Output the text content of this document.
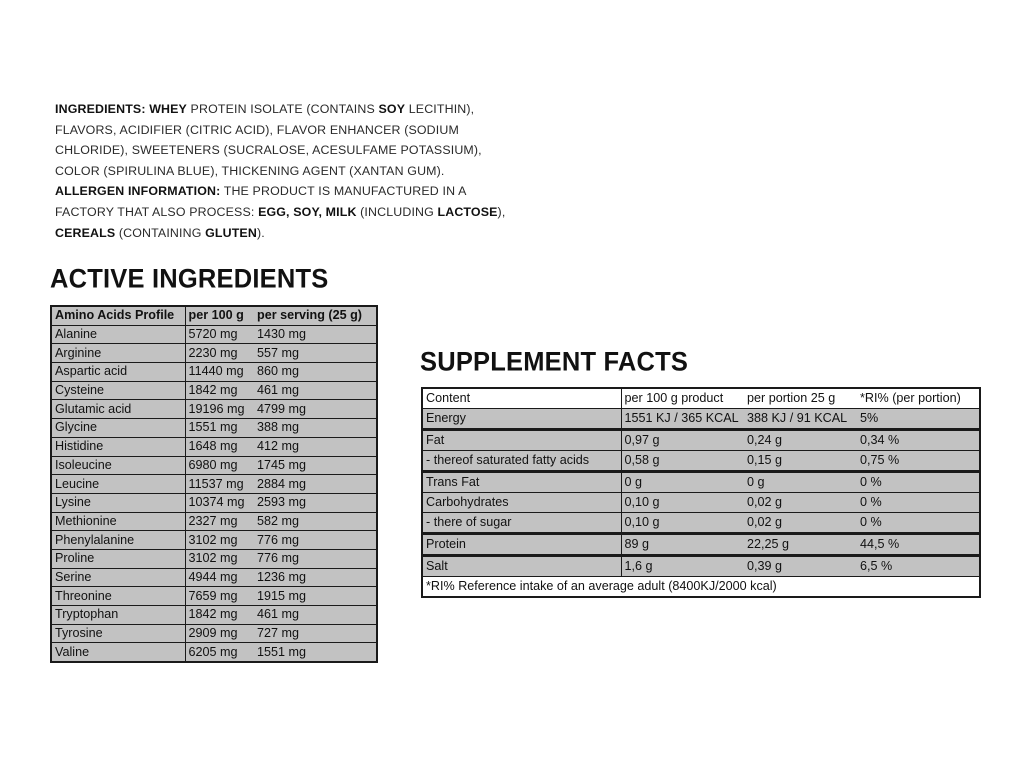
INGREDIENTS: WHEY PROTEIN ISOLATE (CONTAINS SOY LECITHIN),
FLAVORS, ACIDIFIER (CITRIC ACID), FLAVOR ENHANCER (SODIUM
CHLORIDE), SWEETENERS (SUCRALOSE, ACESULFAME POTASSIUM),
COLOR (SPIRULINA BLUE), THICKENING AGENT (XANTAN GUM).
ALLERGEN INFORMATION: THE PRODUCT IS MANUFACTURED IN A
FACTORY THAT ALSO PROCESS: EGG, SOY, MILK (INCLUDING LACTOSE),
CEREALS (CONTAINING GLUTEN).

ACTIVE INGREDIENTS
Amino Acids Profile	per 100 g	per serving (25 g)
Alanine	5720 mg	1430 mg
Arginine	2230 mg	557 mg
Aspartic acid	11440 mg	860 mg
Cysteine	1842 mg	461 mg
Glutamic acid	19196 mg	4799 mg
Glycine	1551 mg	388 mg
Histidine	1648 mg	412 mg
Isoleucine	6980 mg	1745 mg
Leucine	11537 mg	2884 mg
Lysine	10374 mg	2593 mg
Methionine	2327 mg	582 mg
Phenylalanine	3102 mg	776 mg
Proline	3102 mg	776 mg
Serine	4944 mg	1236 mg
Threonine	7659 mg	1915 mg
Tryptophan	1842 mg	461 mg
Tyrosine	2909 mg	727 mg
Valine	6205 mg	1551 mg
SUPPLEMENT FACTS
Content	per 100 g product	per portion 25 g	*RI% (per portion)
Energy	1551 KJ / 365 KCAL	388 KJ / 91 KCAL	5%
Fat	0,97 g	0,24 g	0,34 %
- thereof saturated fatty acids	0,58 g	0,15 g	0,75 %
Trans Fat	0 g	0 g	0 %
Carbohydrates	0,10 g	0,02 g	0 %
- there of sugar	0,10 g	0,02 g	0 %
Protein	89 g	22,25 g	44,5 %
Salt	1,6 g	0,39 g	6,5 %
*RI% Reference intake of an average adult (8400KJ/2000 kcal)			
